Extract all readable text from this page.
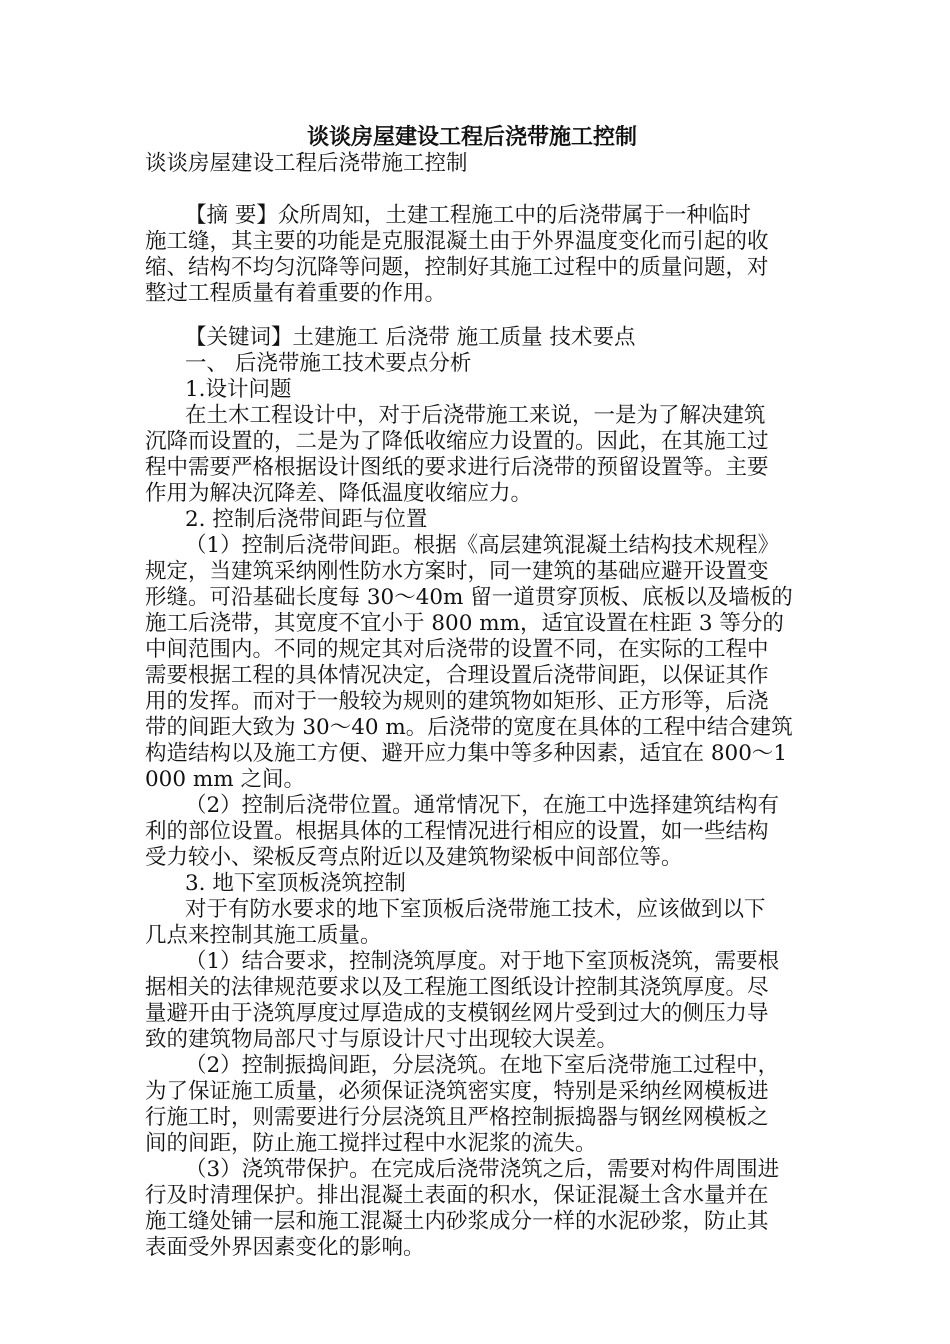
谈谈房屋建设工程后浇带施工控制
谈谈房屋建设工程后浇带施工控制
【摘 要】众所周知，土建工程施工中的后浇带属于一种临时
施工缝，其主要的功能是克服混凝土由于外界温度变化而引起的收
缩、结构不均匀沉降等问题，控制好其施工过程中的质量问题，对
整过工程质量有着重要的作用。
【关键词】土建施工 后浇带 施工质量 技术要点
一、 后浇带施工技术要点分析
1.设计问题
在土木工程设计中，对于后浇带施工来说，一是为了解决建筑
沉降而设置的，二是为了降低收缩应力设置的。因此，在其施工过
程中需要严格根据设计图纸的要求进行后浇带的预留设置等。主要
作用为解决沉降差、降低温度收缩应力。
2. 控制后浇带间距与位置
（1）控制后浇带间距。根据《高层建筑混凝土结构技术规程》
规定，当建筑采纳刚性防水方案时，同一建筑的基础应避开设置变
形缝。可沿基础长度每 30～40m 留一道贯穿顶板、底板以及墙板的
施工后浇带，其宽度不宜小于 800 mm，适宜设置在柱距 3 等分的
中间范围内。不同的规定其对后浇带的设置不同，在实际的工程中
需要根据工程的具体情况决定，合理设置后浇带间距，以保证其作
用的发挥。而对于一般较为规则的建筑物如矩形、正方形等，后浇
带的间距大致为 30～40 m。后浇带的宽度在具体的工程中结合建筑
构造结构以及施工方便、避开应力集中等多种因素，适宜在 800～1
000 mm 之间。
（2）控制后浇带位置。通常情况下，在施工中选择建筑结构有
利的部位设置。根据具体的工程情况进行相应的设置，如一些结构
受力较小、梁板反弯点附近以及建筑物梁板中间部位等。
3. 地下室顶板浇筑控制
对于有防水要求的地下室顶板后浇带施工技术，应该做到以下
几点来控制其施工质量。
（1）结合要求，控制浇筑厚度。对于地下室顶板浇筑，需要根
据相关的法律规范要求以及工程施工图纸设计控制其浇筑厚度。尽
量避开由于浇筑厚度过厚造成的支模钢丝网片受到过大的侧压力导
致的建筑物局部尺寸与原设计尺寸出现较大误差。
（2）控制振捣间距，分层浇筑。在地下室后浇带施工过程中，
为了保证施工质量，必须保证浇筑密实度，特别是采纳丝网模板进
行施工时，则需要进行分层浇筑且严格控制振捣器与钢丝网模板之
间的间距，防止施工搅拌过程中水泥浆的流失。
（3）浇筑带保护。在完成后浇带浇筑之后，需要对构件周围进
行及时清理保护。排出混凝土表面的积水，保证混凝土含水量并在
施工缝处铺一层和施工混凝土内砂浆成分一样的水泥砂浆，防止其
表面受外界因素变化的影响。
